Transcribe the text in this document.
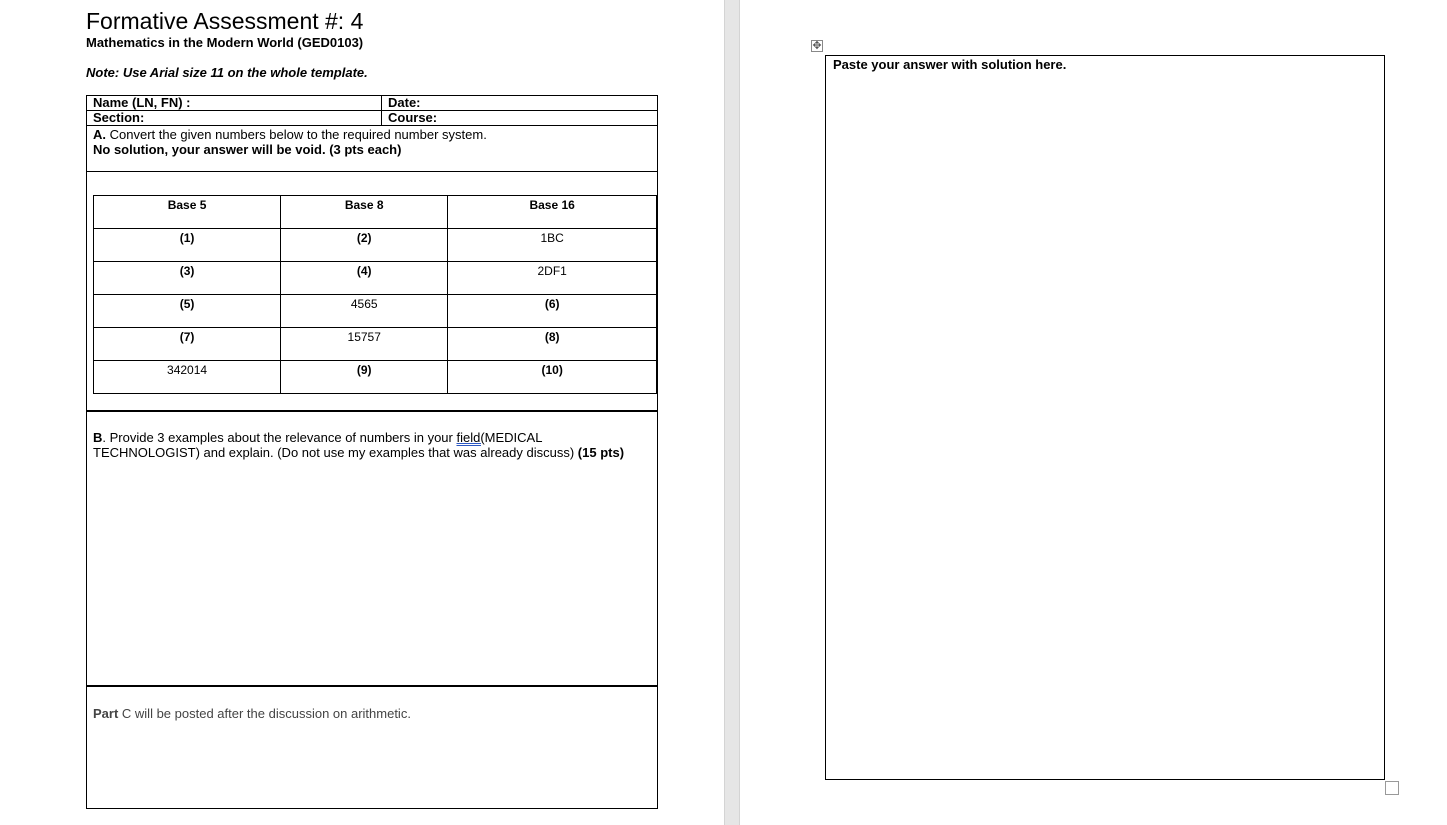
Formative Assessment #: 4
Mathematics in the Modern World (GED0103)
Note: Use Arial size 11 on the whole template.
Name (LN, FN) :	Date:
Section:	Course:
A. Convert the given numbers below to the required number system.
No solution, your answer will be void. (3 pts each)
Base 5	Base 8	Base 16
(1)	(2)	1BC
(3)	(4)	2DF1
(5)	4565	(6)
(7)	15757	(8)
342014	(9)	(10)
B. Provide 3 examples about the relevance of numbers in your field(MEDICAL TECHNOLOGIST) and explain. (Do not use my examples that was already discuss) (15 pts)
Part C will be posted after the discussion on arithmetic.
✥
Paste your answer with solution here.
